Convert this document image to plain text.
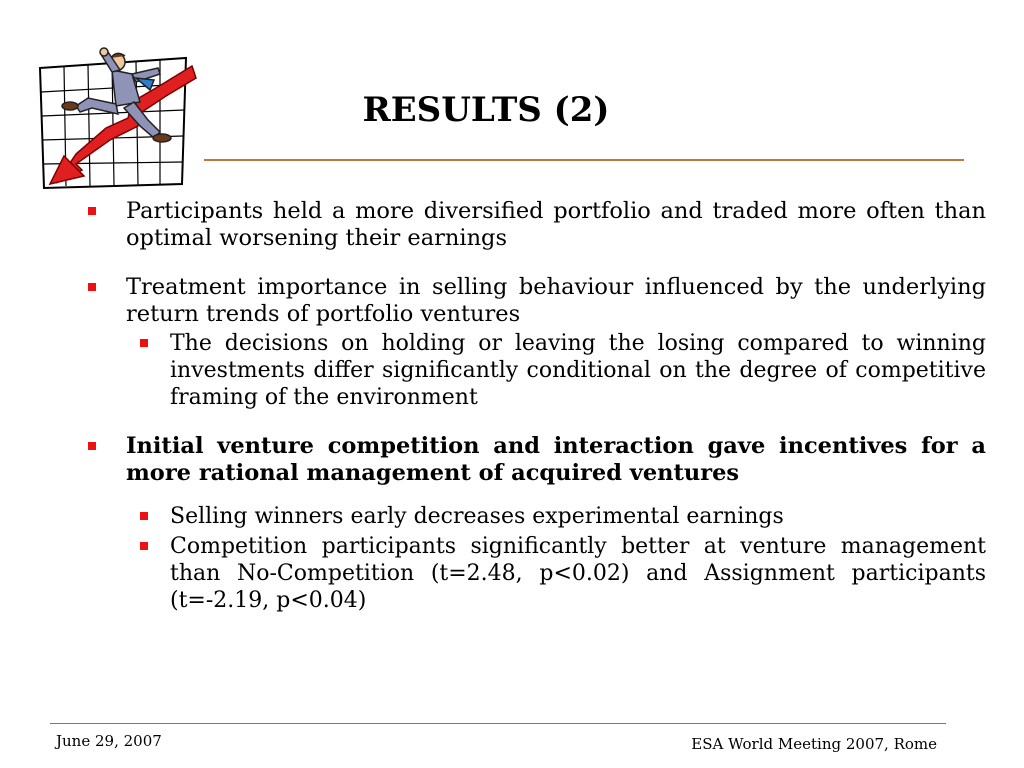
RESULTS (2)
Participants held a more diversified portfolio and traded more often than optimal worsening their earnings
Treatment importance in selling behaviour influenced by the underlying return trends of portfolio ventures
The decisions on holding or leaving the losing compared to winning investments differ significantly conditional on the degree of competitive framing of the environment
Initial venture competition and interaction gave incentives for a more rational management of acquired ventures
Selling winners early decreases experimental earnings
Competition participants significantly better at venture management than No-Competition (t=2.48, p<0.02) and Assignment participants (t=-2.19, p<0.04)
June 29, 2007	ESA World Meeting 2007, Rome
